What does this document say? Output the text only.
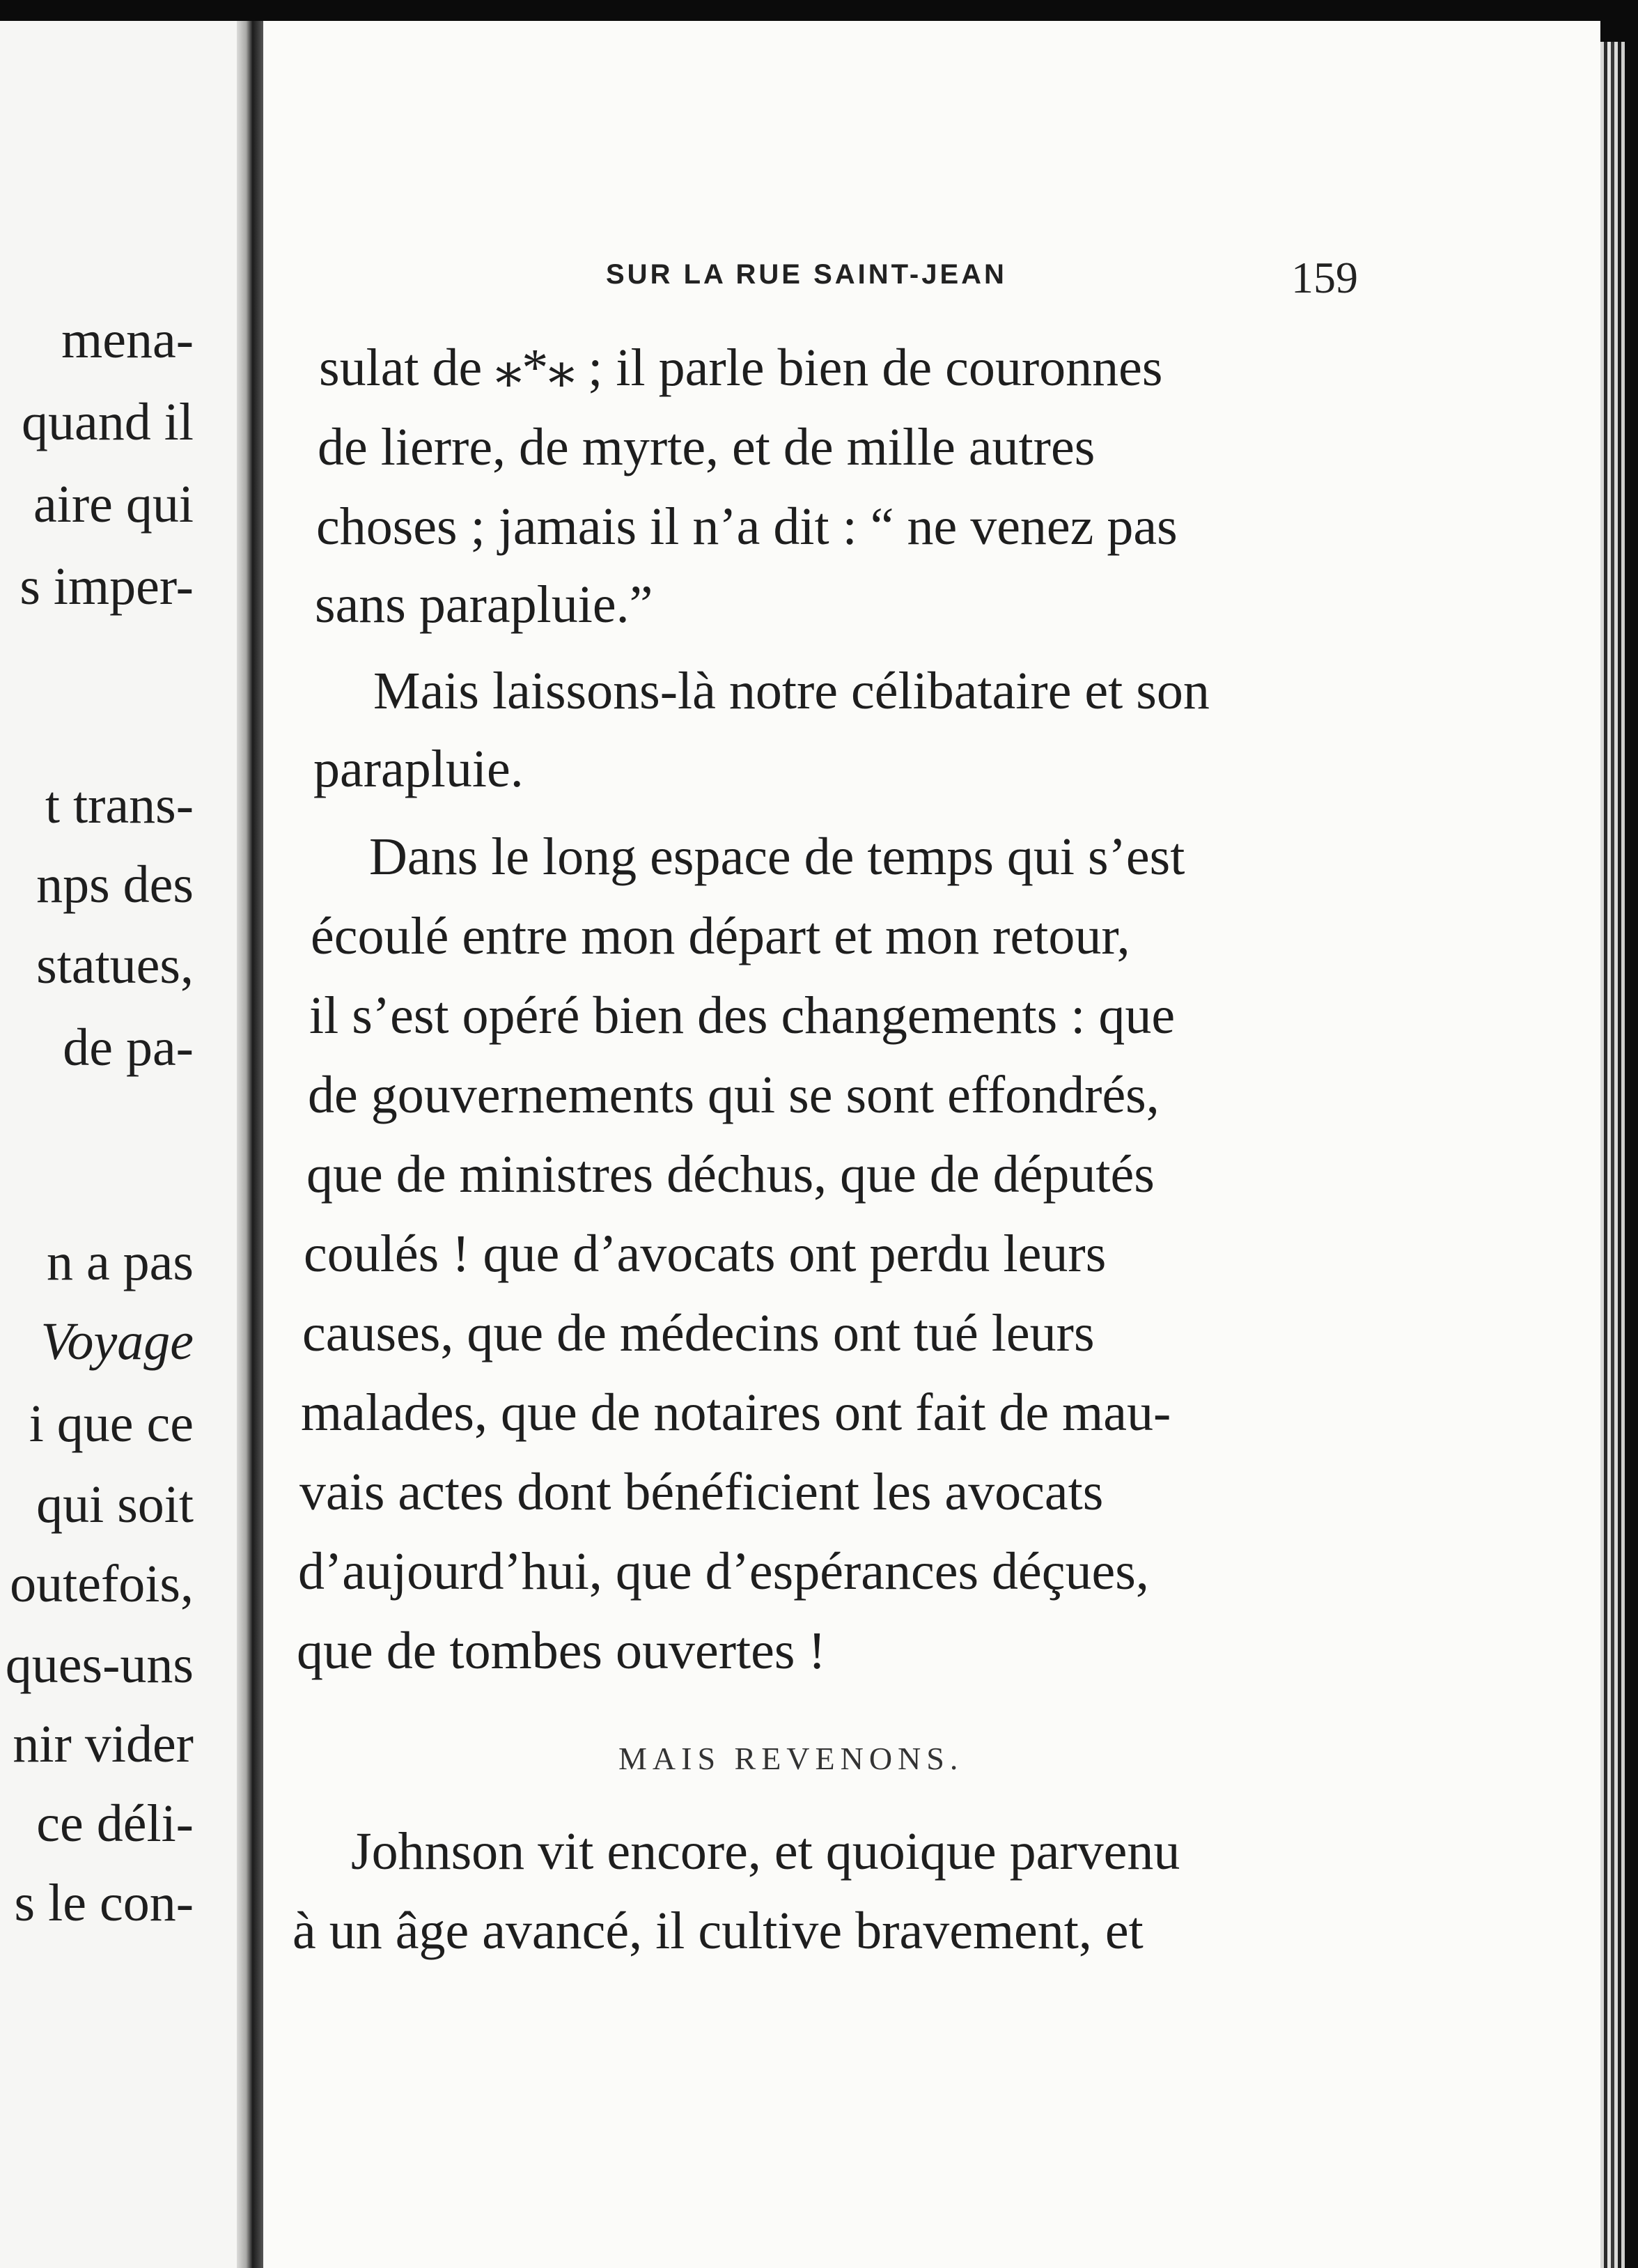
mena-
quand il
aire qui
s imper-
t trans-
nps des
statues,
de pa-
n a pas
Voyage
i que ce
qui soit
outefois,
ques-uns
nir vider
ce déli-
s le con-
SUR LA RUE SAINT-JEAN	159
sulat de ⁎*⁎ ; il parle bien de couronnes
de lierre, de myrte, et de mille autres
choses ; jamais il n’a dit : “ ne venez pas
sans parapluie.”
Mais laissons-là notre célibataire et son
parapluie.
Dans le long espace de temps qui s’est
écoulé entre mon départ et mon retour,
il s’est opéré bien des changements : que
de gouvernements qui se sont effondrés,
que de ministres déchus, que de députés
coulés ! que d’avocats ont perdu leurs
causes, que de médecins ont tué leurs
malades, que de notaires ont fait de mau-
vais actes dont bénéficient les avocats
d’aujourd’hui, que d’espérances déçues,
que de tombes ouvertes !
MAIS REVENONS.
Johnson vit encore, et quoique parvenu
à un âge avancé, il cultive bravement, et
